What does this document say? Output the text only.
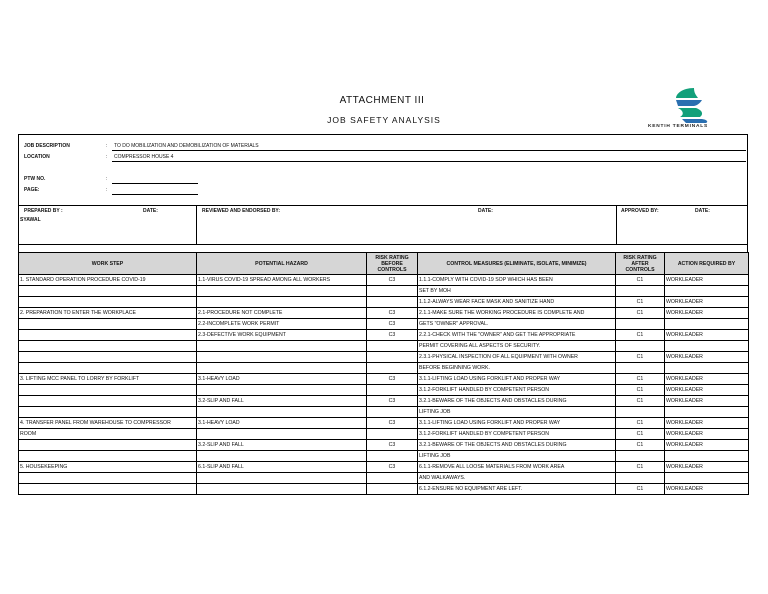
ATTACHMENT III
JOB SAFETY ANALYSIS
KENTIH TERMINALS
JOB DESCRIPTION	: TO DO MOBILIZATION AND DEMOBILIZATION OF MATERIALS
LOCATION	: COMPRESSOR HOUSE 4
PTW NO.	:
PAGE:	:
PREPARED BY :	DATE:
SYAWAL
REVIEWED AND ENDORSED BY:	DATE:	APPROVED BY:	DATE:
WORK STEP	POTENTIAL HAZARD	RISK RATING BEFORE CONTROLS	CONTROL MEASURES (ELIMINATE, ISOLATE, MINIMIZE)	RISK RATING AFTER CONTROLS	ACTION REQUIRED BY
1. STANDARD OPERATION PROCEDURE COVID-19	1.1-VIRUS COVID-19 SPREAD AMONG ALL WORKERS	C3	1.1.1-COMPLY WITH COVID-19 SOP WHICH HAS BEEN	C1	WORKLEADER
			SET BY MOH		
			1.1.2-ALWAYS WEAR FACE MASK AND SANITIZE HAND	C1	WORKLEADER
2. PREPARATION TO ENTER THE WORKPLACE	2.1-PROCEDURE NOT COMPLETE	C3	2.1.1-MAKE SURE THE WORKING PROCEDURE IS COMPLETE AND	C1	WORKLEADER
	2.2-INCOMPLETE WORK PERMIT	C3	GETS "OWNER" APPROVAL.		
	2.3-DEFECTIVE WORK EQUIPMENT	C3	2.2.1-CHECK WITH THE "OWNER" AND GET THE APPROPRIATE	C1	WORKLEADER
			PERMIT COVERING ALL ASPECTS OF SECURITY.		
			2.3.1-PHYSICAL INSPECTION OF ALL EQUIPMENT WITH OWNER	C1	WORKLEADER
			BEFORE BEGINNING WORK.		
3. LIFTING MCC PANEL TO LORRY BY FORKLIFT	3.1-HEAVY LOAD	C3	3.1.1-LIFTING LOAD USING FORKLIFT AND PROPER WAY	C1	WORKLEADER
			3.1.2-FORKLIFT HANDLED BY COMPETENT PERSON	C1	WORKLEADER
	3.2-SLIP AND FALL	C3	3.2.1-BEWARE OF THE OBJECTS AND OBSTACLES DURING	C1	WORKLEADER
			LIFTING JOB		
4. TRANSFER PANEL FROM WAREHOUSE TO COMPRESSOR	3.1-HEAVY LOAD	C3	3.1.1-LIFTING LOAD USING FORKLIFT AND PROPER WAY	C1	WORKLEADER
ROOM			3.1.2-FORKLIFT HANDLED BY COMPETENT PERSON	C1	WORKLEADER
	3.2-SLIP AND FALL	C3	3.2.1-BEWARE OF THE OBJECTS AND OBSTACLES DURING	C1	WORKLEADER
			LIFTING JOB		
5. HOUSEKEEPING	6.1-SLIP AND FALL	C3	6.1.1-REMOVE ALL LOOSE MATERIALS FROM WORK AREA	C1	WORKLEADER
			AND WALKAWAYS.		
			6.1.2-ENSURE NO EQUIPMENT ARE LEFT.	C1	WORKLEADER
